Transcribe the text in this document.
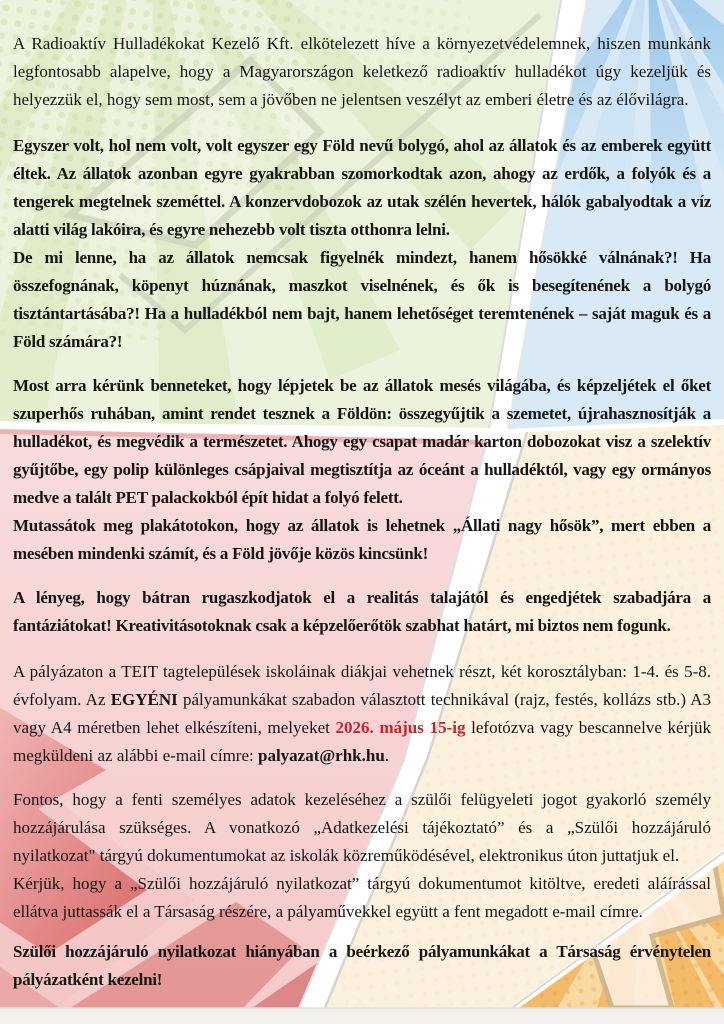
A Radioaktív Hulladékokat Kezelő Kft. elkötelezett híve a környezetvédelemnek, hiszen munkánk legfontosabb alapelve, hogy a Magyarországon keletkező radioaktív hulladékot úgy kezeljük és helyezzük el, hogy sem most, sem a jövőben ne jelentsen veszélyt az emberi életre és az élővilágra.

Egyszer volt, hol nem volt, volt egyszer egy Föld nevű bolygó, ahol az állatok és az emberek együtt éltek. Az állatok azonban egyre gyakrabban szomorkodtak azon, ahogy az erdők, a folyók és a tengerek megtelnek szeméttel. A konzervdobozok az utak szélén hevertek, hálók gabalyodtak a víz alatti világ lakóira, és egyre nehezebb volt tiszta otthonra lelni.

De mi lenne, ha az állatok nemcsak figyelnék mindezt, hanem hősökké válnának?! Ha összefognának, köpenyt húznának, maszkot viselnének, és ők is besegítenének a bolygó tisztántartásába?! Ha a hulladékból nem bajt, hanem lehetőséget teremtenének – saját maguk és a Föld számára?!

Most arra kérünk benneteket, hogy lépjetek be az állatok mesés világába, és képzeljétek el őket szuperhős ruhában, amint rendet tesznek a Földön: összegyűjtik a szemetet, újrahasznosítják a hulladékot, és megvédik a természetet. Ahogy egy csapat madár karton dobozokat visz a szelektív gyűjtőbe, egy polip különleges csápjaival megtisztítja az óceánt a hulladéktól, vagy egy ormányos medve a talált PET palackokból épít hidat a folyó felett.

Mutassátok meg plakátotokon, hogy az állatok is lehetnek „Állati nagy hősök”, mert ebben a mesében mindenki számít, és a Föld jövője közös kincsünk!

A lényeg, hogy bátran rugaszkodjatok el a realitás talajától és engedjétek szabadjára a fantáziátokat! Kreativitásotoknak csak a képzelőerőtök szabhat határt, mi biztos nem fogunk.

A pályázaton a TEIT tagtelepülések iskoláinak diákjai vehetnek részt, két korosztályban: 1-4. és 5-8. évfolyam. Az EGYÉNI pályamunkákat szabadon választott technikával (rajz, festés, kollázs stb.) A3 vagy A4 méretben lehet elkészíteni, melyeket 2026. május 15-ig lefotózva vagy bescannelve kérjük megküldeni az alábbi e-mail címre: palyazat@rhk.hu.

Fontos, hogy a fenti személyes adatok kezeléséhez a szülői felügyeleti jogot gyakorló személy hozzájárulása szükséges. A vonatkozó „Adatkezelési tájékoztató” és a „Szülői hozzájáruló nyilatkozat" tárgyú dokumentumokat az iskolák közreműködésével, elektronikus úton juttatjuk el.

Kérjük, hogy a „Szülői hozzájáruló nyilatkozat” tárgyú dokumentumot kitöltve, eredeti aláírással ellátva juttassák el a Társaság részére, a pályaművekkel együtt a fent megadott e-mail címre.

Szülői hozzájáruló nyilatkozat hiányában a beérkező pályamunkákat a Társaság érvénytelen pályázatként kezelni!
